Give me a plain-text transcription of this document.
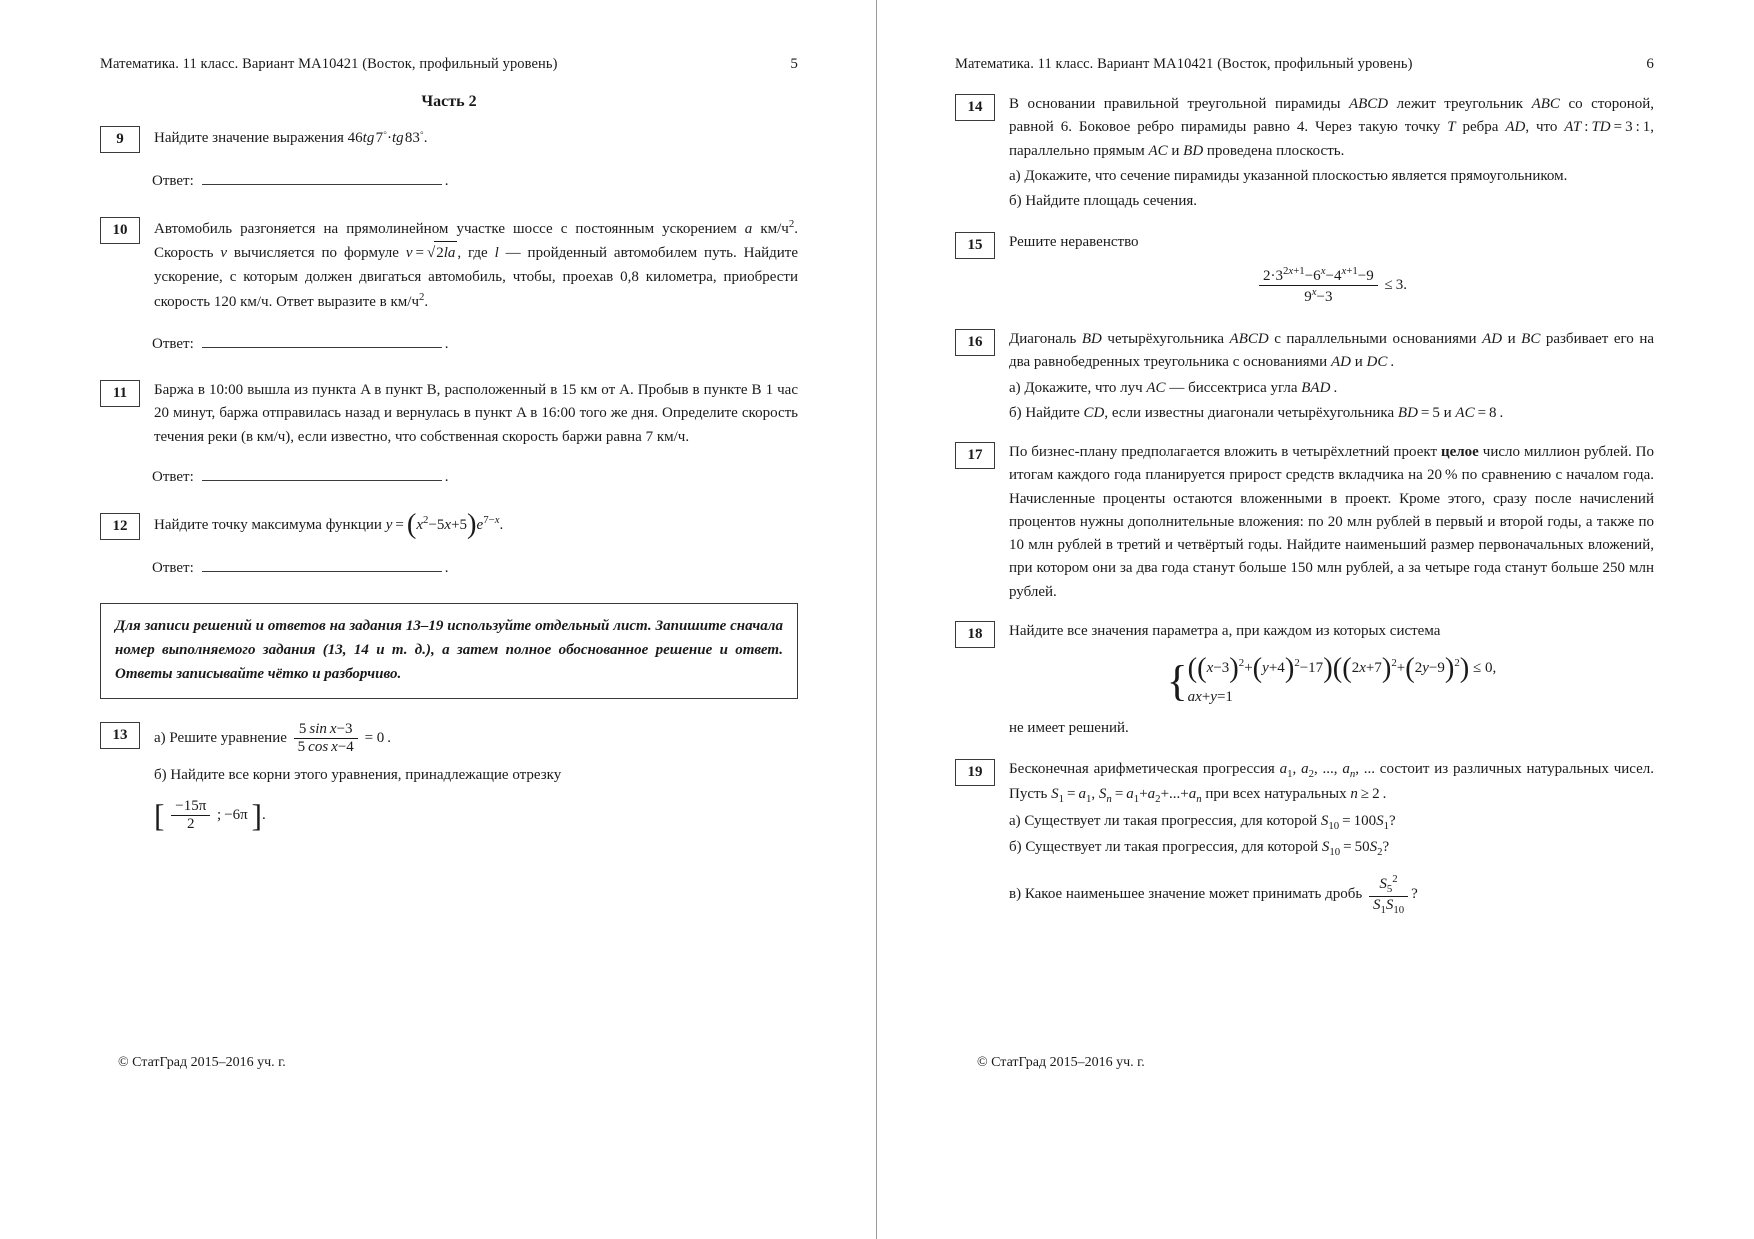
Математика. 11 класс. Вариант МА10421 (Восток, профильный уровень)	5
Часть 2
9	Найдите значение выражения 46tg 7◦·tg 83◦.

Ответ:	.
10	Автомобиль разгоняется на прямолинейном участке шоссе с постоянным ускорением a $км/ч^2$. Скорость v вычисляется по формуле v = √2la , где l — пройденный автомобилем путь. Найдите ускорение, с которым должен двигаться автомобиль, чтобы, проехав 0,8 километра, приобрести скорость 120 км/ч. Ответ выразите в $км/ч^2$.

Ответ:	.
11	Баржа в 10:00 вышла из пункта A в пункт B, расположенный в 15 км от A. Пробыв в пункте B 1 час 20 минут, баржа отправилась назад и вернулась в пункт A в 16:00 того же дня. Определите скорость течения реки (в км/ч), если известно, что собственная скорость баржи равна 7 км/ч.
Ответ:	.
12	Найдите точку максимума функции $y = (x^2-5x+5)e^{7-x}$.

Ответ:	.
Для записи решений и ответов на задания 13–19 используйте отдельный лист. Запишите сначала номер выполняемого задания (13, 14 и т. д.), а затем полное обоснованное решение и ответ. Ответы записывайте чётко и разборчиво.
13	а) Решите уравнение $\frac{\text{5 sin  x−3}}{\text{5 cos  x−4}} = 0$ .

б) Найдите все корни этого уравнения, принадлежащие отрезку

[ $\frac{-15\pi}{2}$ ; −6π ].

© СтатГрад 2015–2016 уч. г.
Математика. 11 класс. Вариант МА10421 (Восток, профильный уровень)	6
14	В основании правильной треугольной пирамиды ABCD лежит треугольник ABC со стороной, равной 6. Боковое ребро пирамиды равно 4. Через такую точку T ребра AD, что AT : TD = 3 : 1, параллельно прямым AC и BD проведена плоскость.

а) Докажите, что сечение пирамиды указанной плоскостью является прямоугольником.

б) Найдите площадь сечения.

15	Решите неравенство

$\frac{2\cdot 3^{2x+1}-6^x-4^{x+1}-9}{9^x-3} \le 3$.
16	Диагональ BD четырёхугольника ABCD с параллельными основаниями AD и BC разбивает его на два равнобедренных треугольника с основаниями AD и DC .

а) Докажите, что луч AC — биссектриса угла BAD .

б) Найдите CD, если известны диагонали четырёхугольника BD = 5 и AC = 8 .

17	По бизнес-плану предполагается вложить в четырёхлетний проект целое число миллион рублей. По итогам каждого года планируется прирост средств вкладчика на 20 % по сравнению с началом года. Начисленные проценты остаются вложенными в проект. Кроме этого, сразу после начислений процентов нужны дополнительные вложения: по 20 млн рублей в первый и второй годы, а также по 10 млн рублей в третий и четвёртый годы. Найдите наименьший размер первоначальных вложений, при котором они за два года станут больше 150 млн рублей, а за четыре года станут больше 250 млн рублей.

18	Найдите все значения параметра a, при каждом из которых система

{ $((x-3)^2+(y+4)^2-17)((2x+7)^2+(2y-9)^2) \le 0$,
ax+y=1

не имеет решений.

19	Бесконечная арифметическая прогрессия $a_1$, $a_2$, ..., $a_n$, ... состоит из различных натуральных чисел. Пусть $S_1 = a_1$, $S_n = a_1+a_2+...+a_n$ при всех натуральных n ≥ 2 .

а) Существует ли такая прогрессия, для которой $S_{10} = 100S_1$?

б) Существует ли такая прогрессия, для которой $S_{10} = 50S_2$?

в) Какое наименьшее значение может принимать дробь $\frac{S_5^2}{S_1S_{10}}$ ?

© СтатГрад 2015–2016 уч. г.
